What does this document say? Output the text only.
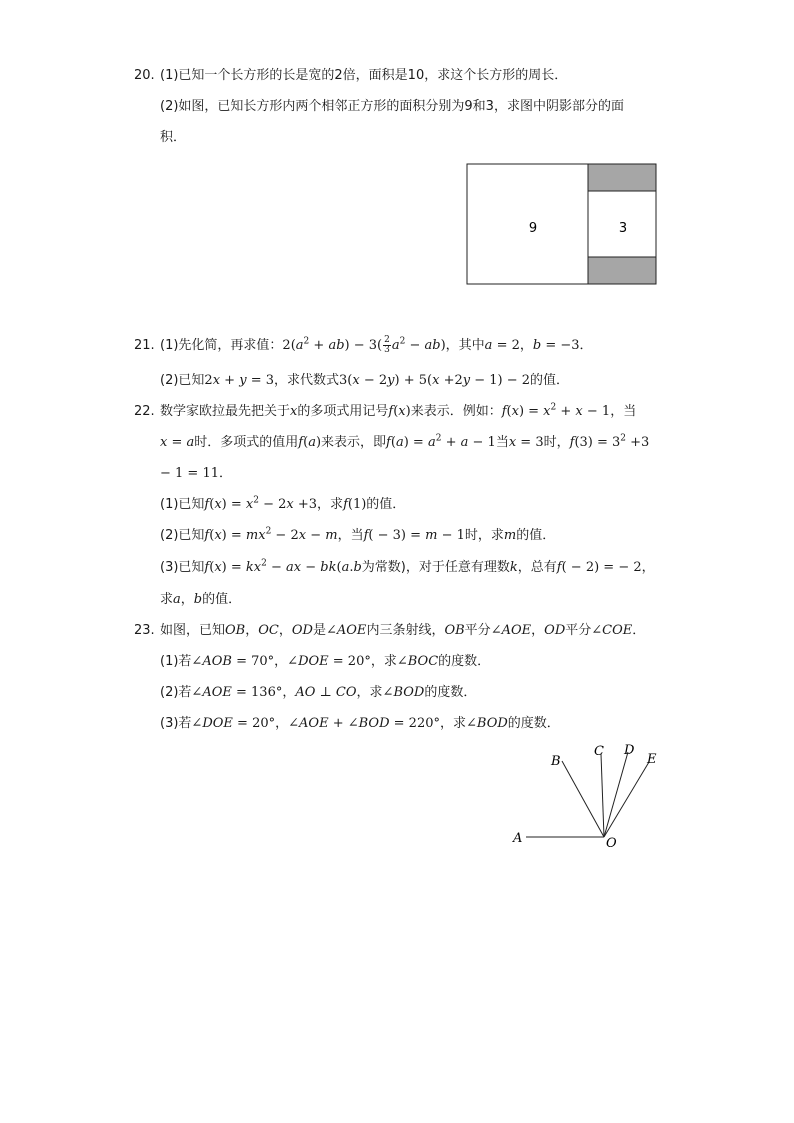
20. (1)已知一个长方形的长是宽的2倍，面积是10，求这个长方形的周长．
(2)如图，已知长方形内两个相邻正方形的面积分别为9和3，求图中阴影部分的面
积．
9	3
21. (1)先化简，再求值：$2(a^2 + ab) - 3( \frac{2}{3} a^2 - ab)$，其中a = 2，b = −3．
(2)已知2x + y = 3，求代数式3(x − 2y) + 5(x +2y − 1) − 2的值．
22. 数学家欧拉最先把关于x的多项式用记号f(x)来表示．例如：$f(x) = x^2 + x - 1$，当
x = a时．多项式的值用f(a)来表示，即$f(a) = a^2 + a - 1$当x = 3时，$f(3) = 3^2 +3$
− 1 = 11．
(1)已知$f(x) = x^2 - 2x +3$，求f(1)的值．
(2)已知$f(x) = mx^2 - 2x - m$，当f( − 3) = m − 1时，求m的值．
(3)已知$f(x) = kx^2$ − ax − bk(a.b为常数)，对于任意有理数k，总有f( − 2) = − 2，
求a，b的值．
23. 如图，已知OB，OC，OD是∠AOE内三条射线，OB平分∠AOE，OD平分∠COE．
(1)若∠AOB = 70°，∠DOE = 20°，求∠BOC的度数．
(2)若∠AOE = 136°，AO ⊥ CO，求∠BOD的度数．
(3)若∠DOE = 20°，∠AOE + ∠BOD = 220°，求∠BOD的度数．
A
B
C D
E
O
